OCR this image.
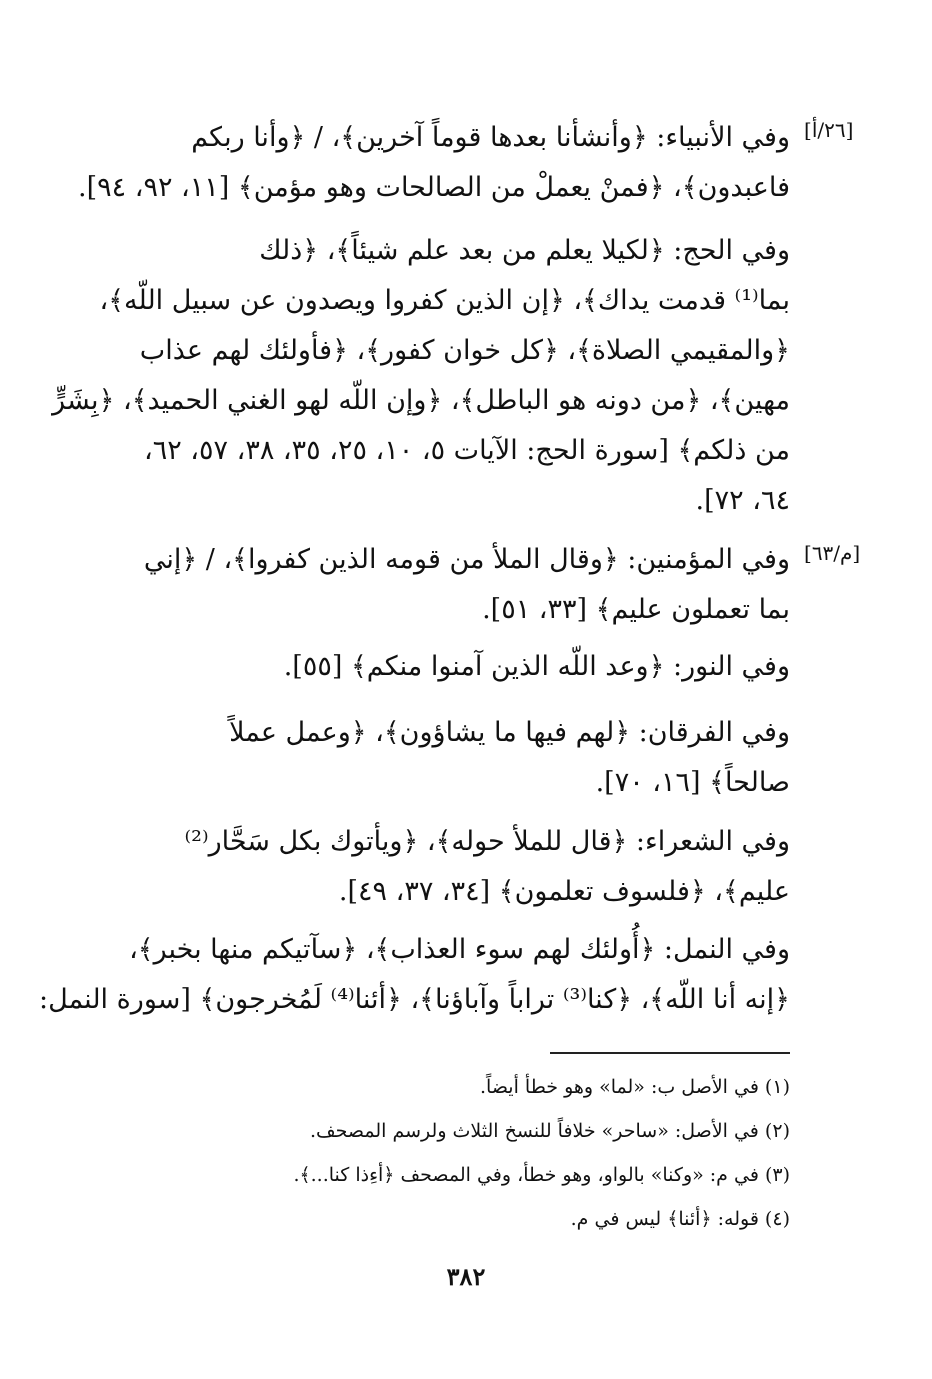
[٢٦/أ]
[م/٦٣]
وفي الأنبياء: ﴿وأنشأنا بعدها قوماً آخرين﴾، / ﴿وأنا ربكم
فاعبدون﴾، ﴿فمنْ يعملْ من الصالحات وهو مؤمن﴾ [١١، ٩٢، ٩٤].
وفي الحج: ﴿لكيلا يعلم من بعد علم شيئاً﴾، ﴿ذلك
بما⁽¹⁾ قدمت يداك﴾، ﴿إن الذين كفروا ويصدون عن سبيل اللّه﴾،
﴿والمقيمي الصلاة﴾، ﴿كل خوان كفور﴾، ﴿فأولئك لهم عذاب
مهين﴾، ﴿من دونه هو الباطل﴾، ﴿وإن اللّه لهو الغني الحميد﴾، ﴿بِشَرٍّ
من ذلكم﴾ [سورة الحج: الآيات ٥، ١٠، ٢٥، ٣٥، ٣٨، ٥٧، ٦٢،
٦٤، ٧٢].
وفي المؤمنين: ﴿وقال الملأ من قومه الذين كفروا﴾، / ﴿إني
بما تعملون عليم﴾ [٣٣، ٥١].
وفي النور: ﴿وعد اللّه الذين آمنوا منكم﴾ [٥٥].
وفي الفرقان: ﴿لهم فيها ما يشاؤون﴾، ﴿وعمل عملاً
صالحاً﴾ [١٦، ٧٠].
وفي الشعراء: ﴿قال للملأ حوله﴾، ﴿ويأتوك بكل سَحَّار⁽²⁾
عليم﴾، ﴿فلسوف تعلمون﴾ [٣٤، ٣٧، ٤٩].
وفي النمل: ﴿أُولئك لهم سوء العذاب﴾، ﴿سآتيكم منها بخبر﴾،
﴿إنه أنا اللّه﴾، ﴿كنا⁽³⁾ تراباً وآباؤنا﴾، ﴿أئنا⁽⁴⁾ لَمُخرجون﴾ [سورة النمل:
(١) في الأصل ب: «لما» وهو خطأ أيضاً.
(٢) في الأصل: «ساحر» خلافاً للنسخ الثلاث ولرسم المصحف.
(٣) في م: «وكنا» بالواو، وهو خطأ، وفي المصحف ﴿أءِذا كنا...﴾.
(٤) قوله: ﴿أئنا﴾ ليس في م.
٣٨٢
